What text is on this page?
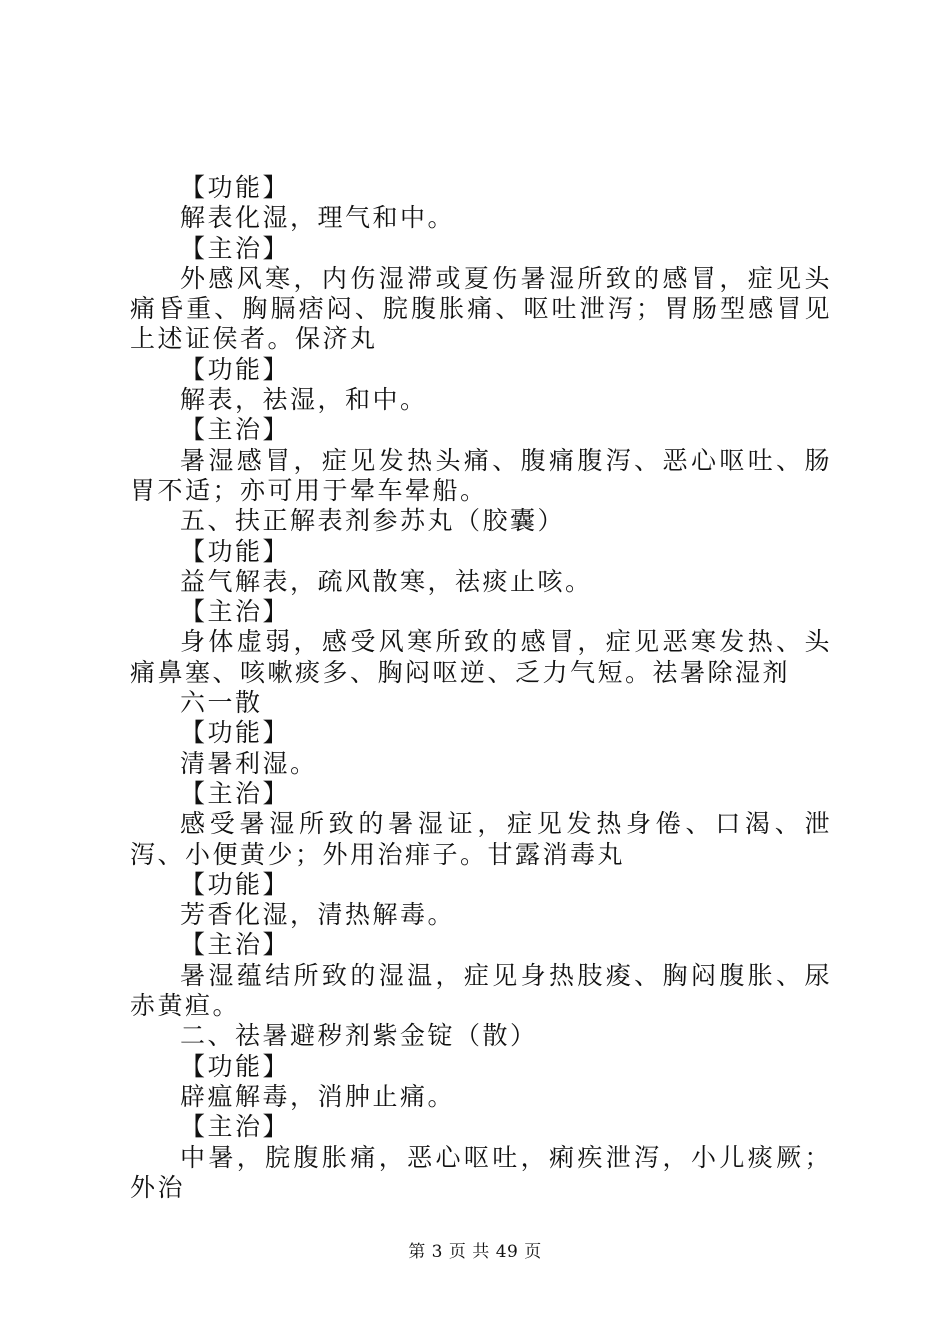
【功能】

解表化湿，理气和中。

【主治】

外感风寒，内伤湿滞或夏伤暑湿所致的感冒，症见头痛昏重、胸膈痞闷、脘腹胀痛、呕吐泄泻；胃肠型感冒见上述证侯者。保济丸

【功能】

解表，祛湿，和中。

【主治】

暑湿感冒，症见发热头痛、腹痛腹泻、恶心呕吐、肠胃不适；亦可用于晕车晕船。

五、扶正解表剂参苏丸（胶囊）

【功能】

益气解表，疏风散寒，祛痰止咳。

【主治】

身体虚弱，感受风寒所致的感冒，症见恶寒发热、头痛鼻塞、咳嗽痰多、胸闷呕逆、乏力气短。祛暑除湿剂

六一散

【功能】

清暑利湿。

【主治】

感受暑湿所致的暑湿证，症见发热身倦、口渴、泄泻、小便黄少；外用治痱子。甘露消毒丸

【功能】

芳香化湿，清热解毒。

【主治】

暑湿蕴结所致的湿温，症见身热肢痠、胸闷腹胀、尿赤黄疸。

二、祛暑避秽剂紫金锭（散）

【功能】

辟瘟解毒，消肿止痛。

【主治】

中暑，脘腹胀痛，恶心呕吐，痢疾泄泻，小儿痰厥；外治

第 3 页 共 49 页
